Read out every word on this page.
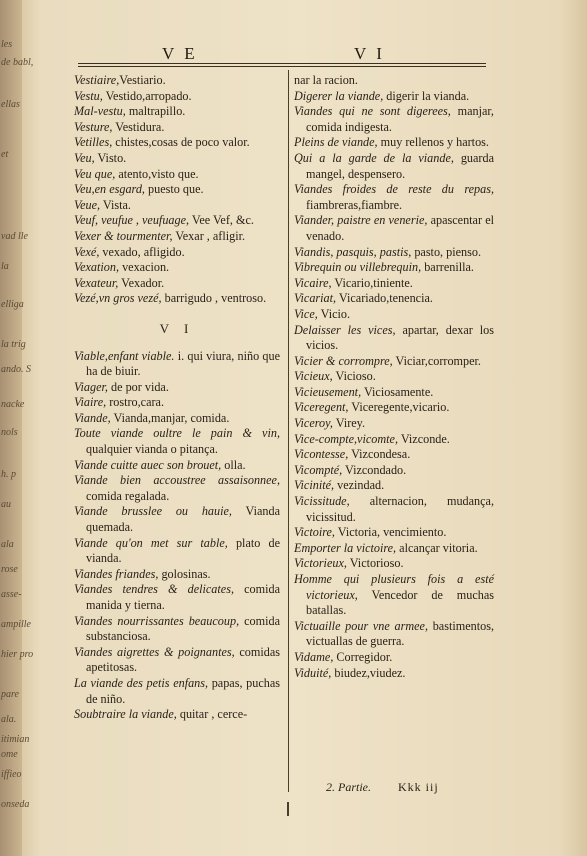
les
de babl,
ellas
et
vad lle
la
elliga
la trig
ando. S
nacke
nols
h. p
au
ala
rose
asse-
ampille
hier pro
pare
ala.
itimian
ome
iffieo
onseda
V E	V I

Vestiaire,Vestiario.

Vestu, Vestido,arropado.

Mal-vestu, maltrapillo.

Vesture, Vestidura.

Vetilles, chistes,cosas de poco valor.

Veu, Visto.

Veu que, atento,visto que.

Veu,en esgard, puesto que.

Veue, Vista.

Veuf, veufue , veufuage, Vee Vef, &c.

Vexer & tourmenter, Vexar , afligir.

Vexé, vexado, afligido.

Vexation, vexacion.

Vexateur, Vexador.

Vezé,vn gros vezé, barrigudo , ventroso.

V I

Viable,enfant viable. i. qui viura, niño que ha de biuir.

Viager, de por vida.

Viaire, rostro,cara.

Viande, Vianda,manjar, comida.

Toute viande oultre le pain & vin, qualquier vianda o pitança.

Viande cuitte auec son brouet, olla.

Viande bien accoustree assaisonnee, comida regalada.

Viande brusslee ou hauie, Vianda quemada.

Viande qu'on met sur table, plato de vianda.

Viandes friandes, golosinas.

Viandes tendres & delicates, comida manida y tierna.

Viandes nourrissantes beaucoup, comida substanciosa.

Viandes aigrettes & poignantes, comidas apetitosas.

La viande des petis enfans, papas, puchas de niño.

Soubtraire la viande, quitar , cerce-

nar la racion.

Digerer la viande, digerir la vianda.

Viandes qui ne sont digerees, manjar, comida indigesta.

Pleins de viande, muy rellenos y hartos.

Qui a la garde de la viande, guarda mangel, despensero.

Viandes froides de reste du repas, fiambreras,fiambre.

Viander, paistre en venerie, apascentar el venado.

Viandis, pasquis, pastis, pasto, pienso.

Vibrequin ou villebrequin, barrenilla.

Vicaire, Vicario,tiniente.

Vicariat, Vicariado,tenencia.

Vice, Vicio.

Delaisser les vices, apartar, dexar los vicios.

Vicier & corrompre, Viciar,corromper.

Vicieux, Vicioso.

Vicieusement, Viciosamente.

Viceregent, Viceregente,vicario.

Viceroy, Virey.

Vice-compte,vicomte, Vizconde.

Vicontesse, Vizcondesa.

Vicompté, Vizcondado.

Vicinité, vezindad.

Vicissitude, alternacion, mudança, vicissitud.

Victoire, Victoria, vencimiento.

Emporter la victoire, alcançar vitoria.

Victorieux, Victorioso.

Homme qui plusieurs fois a esté victorieux, Vencedor de muchas batallas.

Victuaille pour vne armee, bastimentos, victuallas de guerra.

Vidame, Corregidor.

Viduité, biudez,viudez.

2. Partie. Kkk iij
